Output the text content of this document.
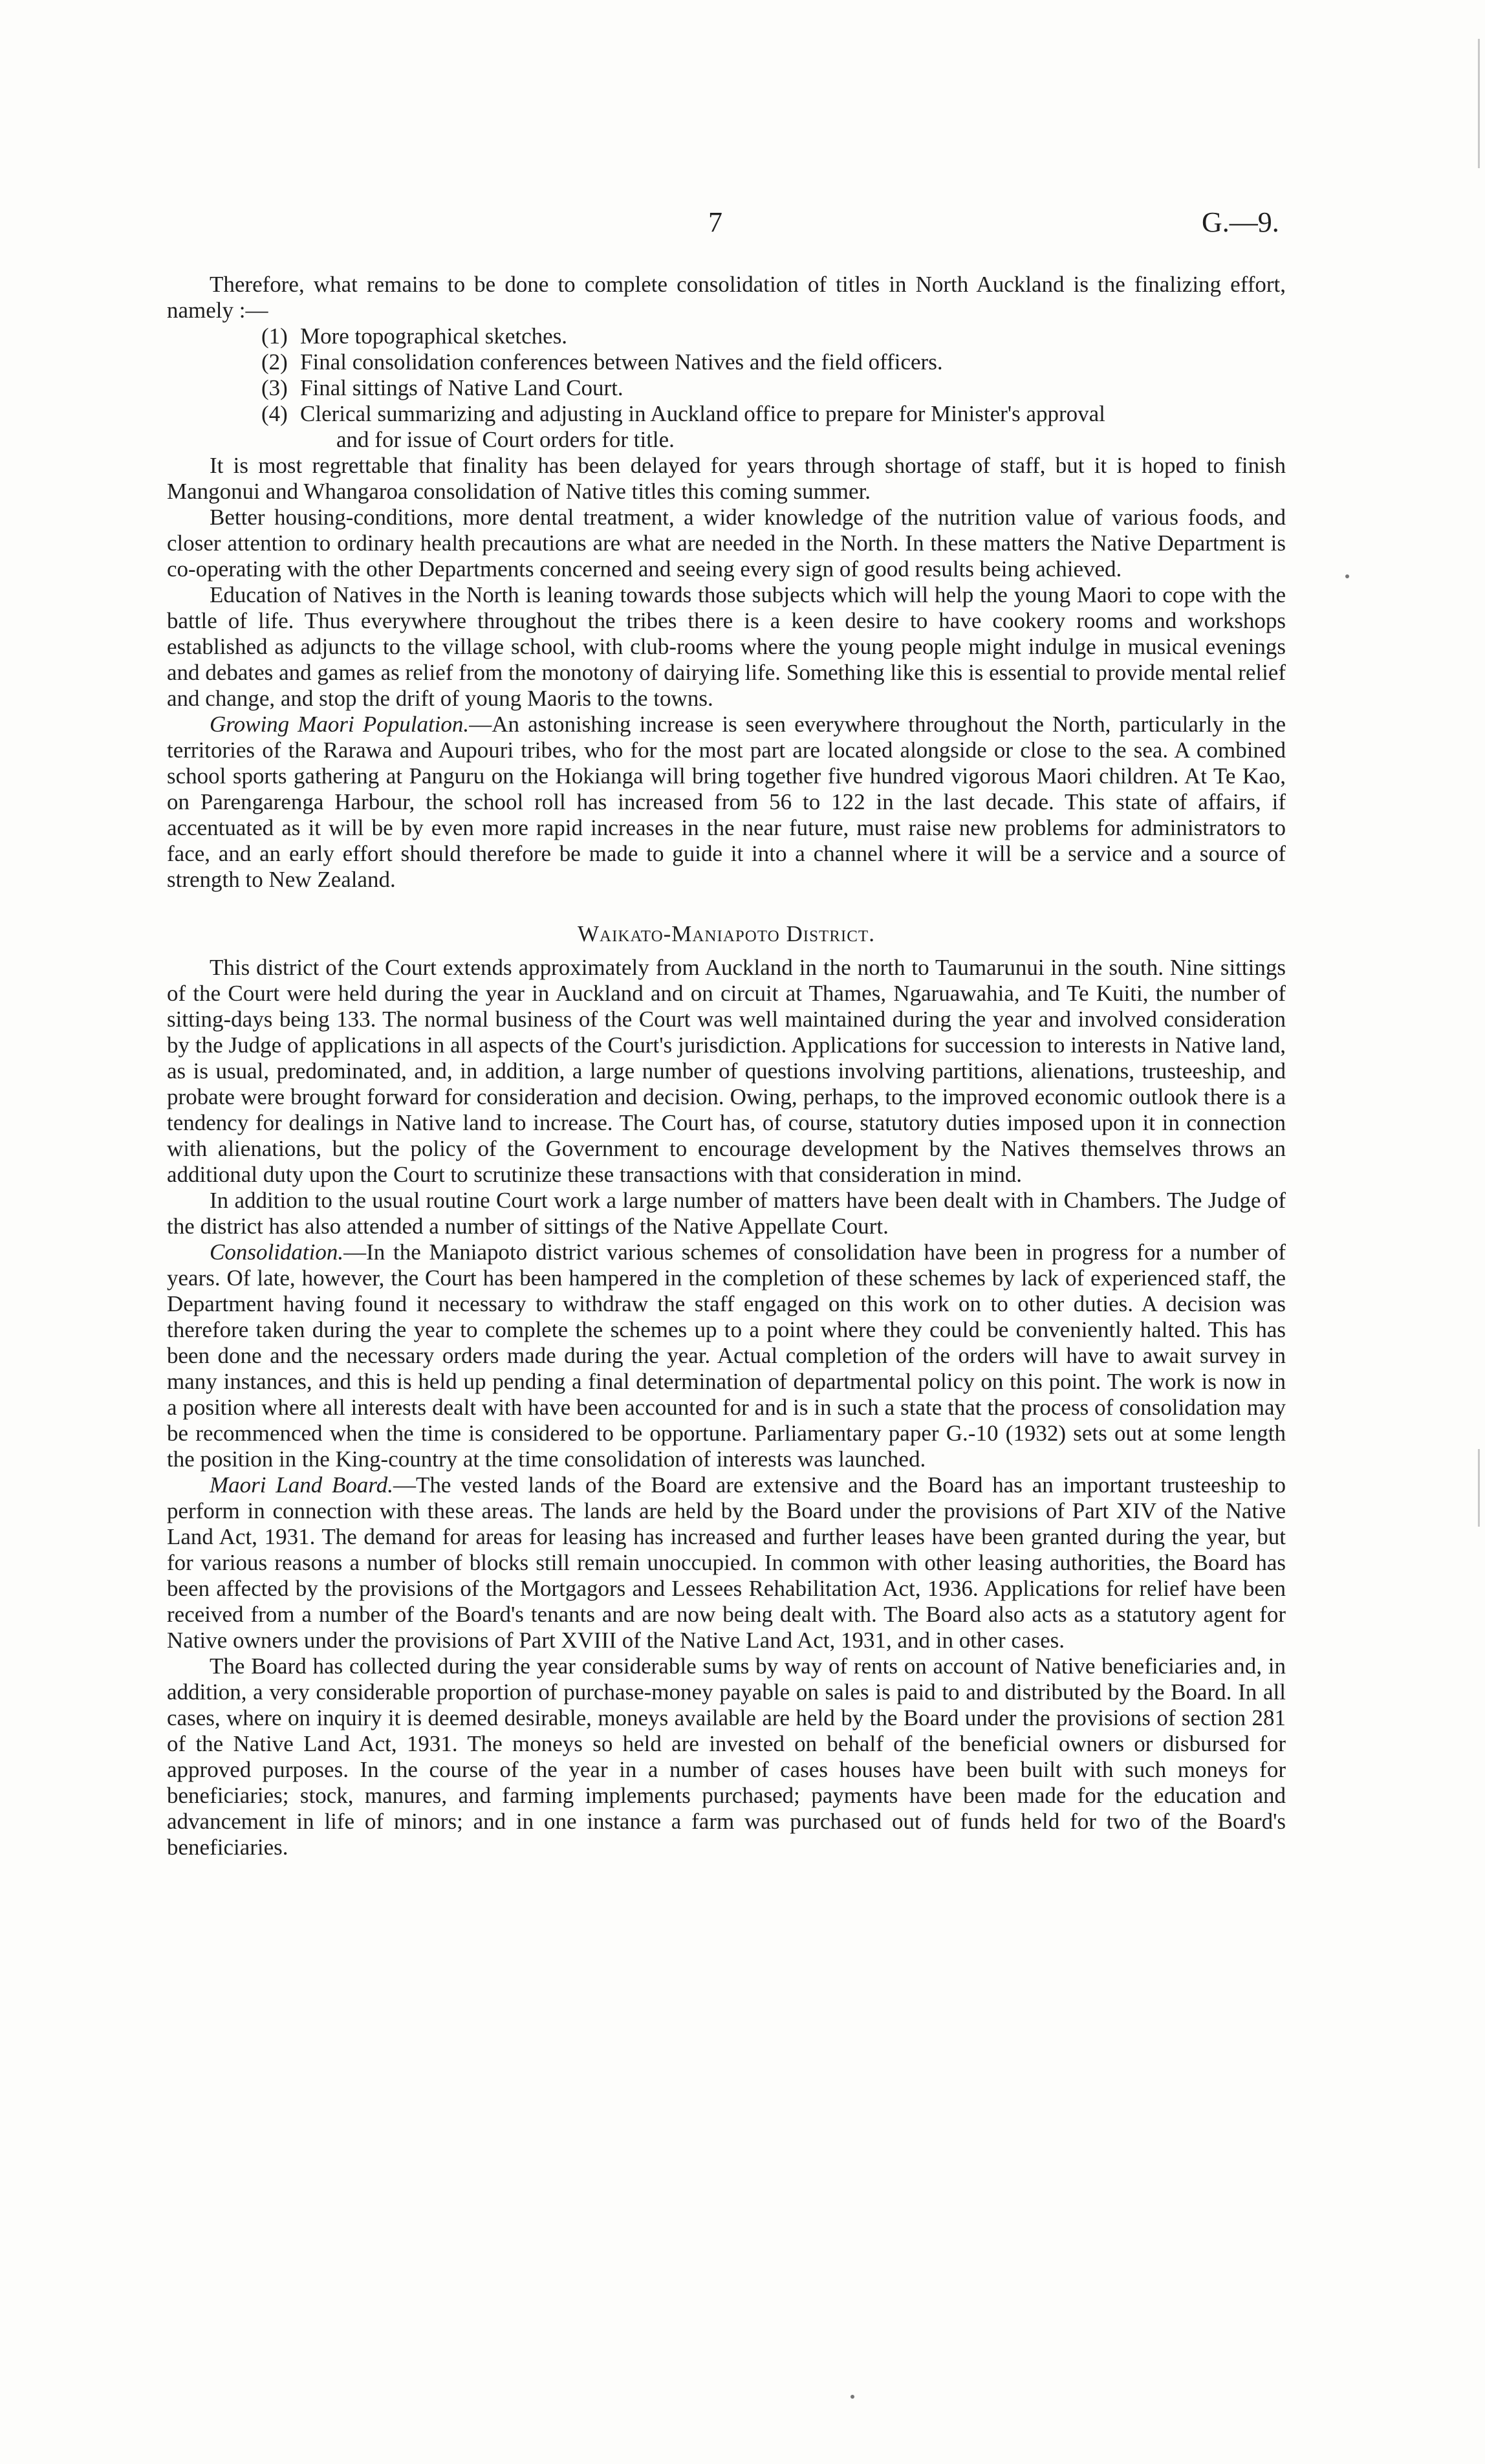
7	G.—9.

Therefore, what remains to be done to complete consolidation of titles in North Auckland is the finalizing effort, namely :—

(1) More topographical sketches.
(2) Final consolidation conferences between Natives and the field officers.
(3) Final sittings of Native Land Court.
(4) Clerical summarizing and adjusting in Auckland office to prepare for Minister's approval
and for issue of Court orders for title.

It is most regrettable that finality has been delayed for years through shortage of staff, but it is hoped to finish Mangonui and Whangaroa consolidation of Native titles this coming summer.

Better housing-conditions, more dental treatment, a wider knowledge of the nutrition value of various foods, and closer attention to ordinary health precautions are what are needed in the North. In these matters the Native Department is co-operating with the other Departments concerned and seeing every sign of good results being achieved.

Education of Natives in the North is leaning towards those subjects which will help the young Maori to cope with the battle of life. Thus everywhere throughout the tribes there is a keen desire to have cookery rooms and workshops established as adjuncts to the village school, with club-rooms where the young people might indulge in musical evenings and debates and games as relief from the monotony of dairying life. Something like this is essential to provide mental relief and change, and stop the drift of young Maoris to the towns.

Growing Maori Population.—An astonishing increase is seen everywhere throughout the North, particularly in the territories of the Rarawa and Aupouri tribes, who for the most part are located alongside or close to the sea. A combined school sports gathering at Panguru on the Hokianga will bring together five hundred vigorous Maori children. At Te Kao, on Parengarenga Harbour, the school roll has increased from 56 to 122 in the last decade. This state of affairs, if accentuated as it will be by even more rapid increases in the near future, must raise new problems for administrators to face, and an early effort should therefore be made to guide it into a channel where it will be a service and a source of strength to New Zealand.

Waikato-Maniapoto District.

This district of the Court extends approximately from Auckland in the north to Taumarunui in the south. Nine sittings of the Court were held during the year in Auckland and on circuit at Thames, Ngaruawahia, and Te Kuiti, the number of sitting-days being 133. The normal business of the Court was well maintained during the year and involved consideration by the Judge of applications in all aspects of the Court's jurisdiction. Applications for succession to interests in Native land, as is usual, predominated, and, in addition, a large number of questions involving partitions, alienations, trusteeship, and probate were brought forward for consideration and decision. Owing, perhaps, to the improved economic outlook there is a tendency for dealings in Native land to increase. The Court has, of course, statutory duties imposed upon it in connection with alienations, but the policy of the Government to encourage development by the Natives themselves throws an additional duty upon the Court to scrutinize these transactions with that consideration in mind.

In addition to the usual routine Court work a large number of matters have been dealt with in Chambers. The Judge of the district has also attended a number of sittings of the Native Appellate Court.

Consolidation.—In the Maniapoto district various schemes of consolidation have been in progress for a number of years. Of late, however, the Court has been hampered in the completion of these schemes by lack of experienced staff, the Department having found it necessary to withdraw the staff engaged on this work on to other duties. A decision was therefore taken during the year to complete the schemes up to a point where they could be conveniently halted. This has been done and the necessary orders made during the year. Actual completion of the orders will have to await survey in many instances, and this is held up pending a final determination of departmental policy on this point. The work is now in a position where all interests dealt with have been accounted for and is in such a state that the process of consolidation may be recommenced when the time is considered to be opportune. Parliamentary paper G.-10 (1932) sets out at some length the position in the King-country at the time consolidation of interests was launched.

Maori Land Board.—The vested lands of the Board are extensive and the Board has an important trusteeship to perform in connection with these areas. The lands are held by the Board under the provisions of Part XIV of the Native Land Act, 1931. The demand for areas for leasing has increased and further leases have been granted during the year, but for various reasons a number of blocks still remain unoccupied. In common with other leasing authorities, the Board has been affected by the provisions of the Mortgagors and Lessees Rehabilitation Act, 1936. Applications for relief have been received from a number of the Board's tenants and are now being dealt with. The Board also acts as a statutory agent for Native owners under the provisions of Part XVIII of the Native Land Act, 1931, and in other cases.

The Board has collected during the year considerable sums by way of rents on account of Native beneficiaries and, in addition, a very considerable proportion of purchase-money payable on sales is paid to and distributed by the Board. In all cases, where on inquiry it is deemed desirable, moneys available are held by the Board under the provisions of section 281 of the Native Land Act, 1931. The moneys so held are invested on behalf of the beneficial owners or disbursed for approved purposes. In the course of the year in a number of cases houses have been built with such moneys for beneficiaries; stock, manures, and farming implements purchased; payments have been made for the education and advancement in life of minors; and in one instance a farm was purchased out of funds held for two of the Board's beneficiaries.
